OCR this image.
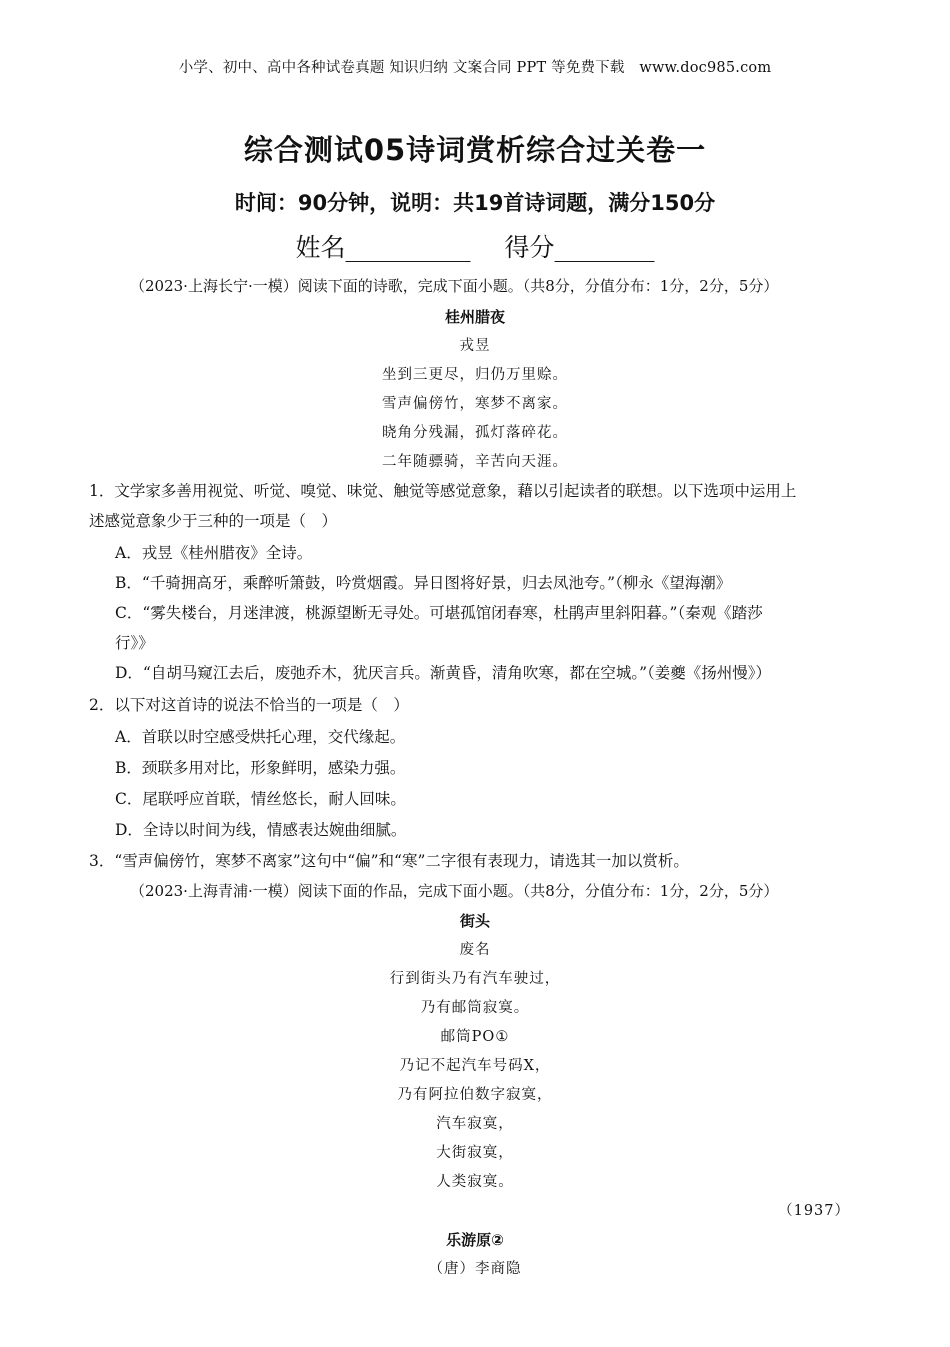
小学、初中、高中各种试卷真题 知识归纳 文案合同 PPT 等免费下载　www.doc985.com
综合测试05诗词赏析综合过关卷一
时间：90分钟，说明：共19首诗词题，满分150分
姓名__________ 得分________
（2023·上海长宁·一模）阅读下面的诗歌，完成下面小题。（共8分，分值分布：1分，2分，5分）
桂州腊夜
戎昱
坐到三更尽，归仍万里赊。
雪声偏傍竹，寒梦不离家。
晓角分残漏，孤灯落碎花。
二年随骠骑，辛苦向天涯。
1．文学家多善用视觉、听觉、嗅觉、味觉、触觉等感觉意象，藉以引起读者的联想。以下选项中运用上
述感觉意象少于三种的一项是（　）
A．戎昱《桂州腊夜》全诗。
B．“千骑拥高牙，乘醉听箫鼓，吟赏烟霞。异日图将好景，归去凤池夸。”（柳永《望海潮》
C．“雾失楼台，月迷津渡，桃源望断无寻处。可堪孤馆闭春寒，杜鹃声里斜阳暮。”（秦观《踏莎
行》》
D．“自胡马窥江去后，废弛乔木，犹厌言兵。渐黄昏，清角吹寒，都在空城。”（姜夔《扬州慢》）
2．以下对这首诗的说法不恰当的一项是（　）
A．首联以时空感受烘托心理，交代缘起。
B．颈联多用对比，形象鲜明，感染力强。
C．尾联呼应首联，情丝悠长，耐人回味。
D．全诗以时间为线，情感表达婉曲细腻。
3．“雪声偏傍竹，寒梦不离家”这句中“偏”和“寒”二字很有表现力，请选其一加以赏析。
（2023·上海青浦·一模）阅读下面的作品，完成下面小题。（共8分，分值分布：1分，2分，5分）
街头
废名
行到街头乃有汽车驶过，
乃有邮筒寂寞。
邮筒PO①
乃记不起汽车号码X，
乃有阿拉伯数字寂寞，
汽车寂寞，
大街寂寞，
人类寂寞。
（1937）
乐游原②
（唐）李商隐
